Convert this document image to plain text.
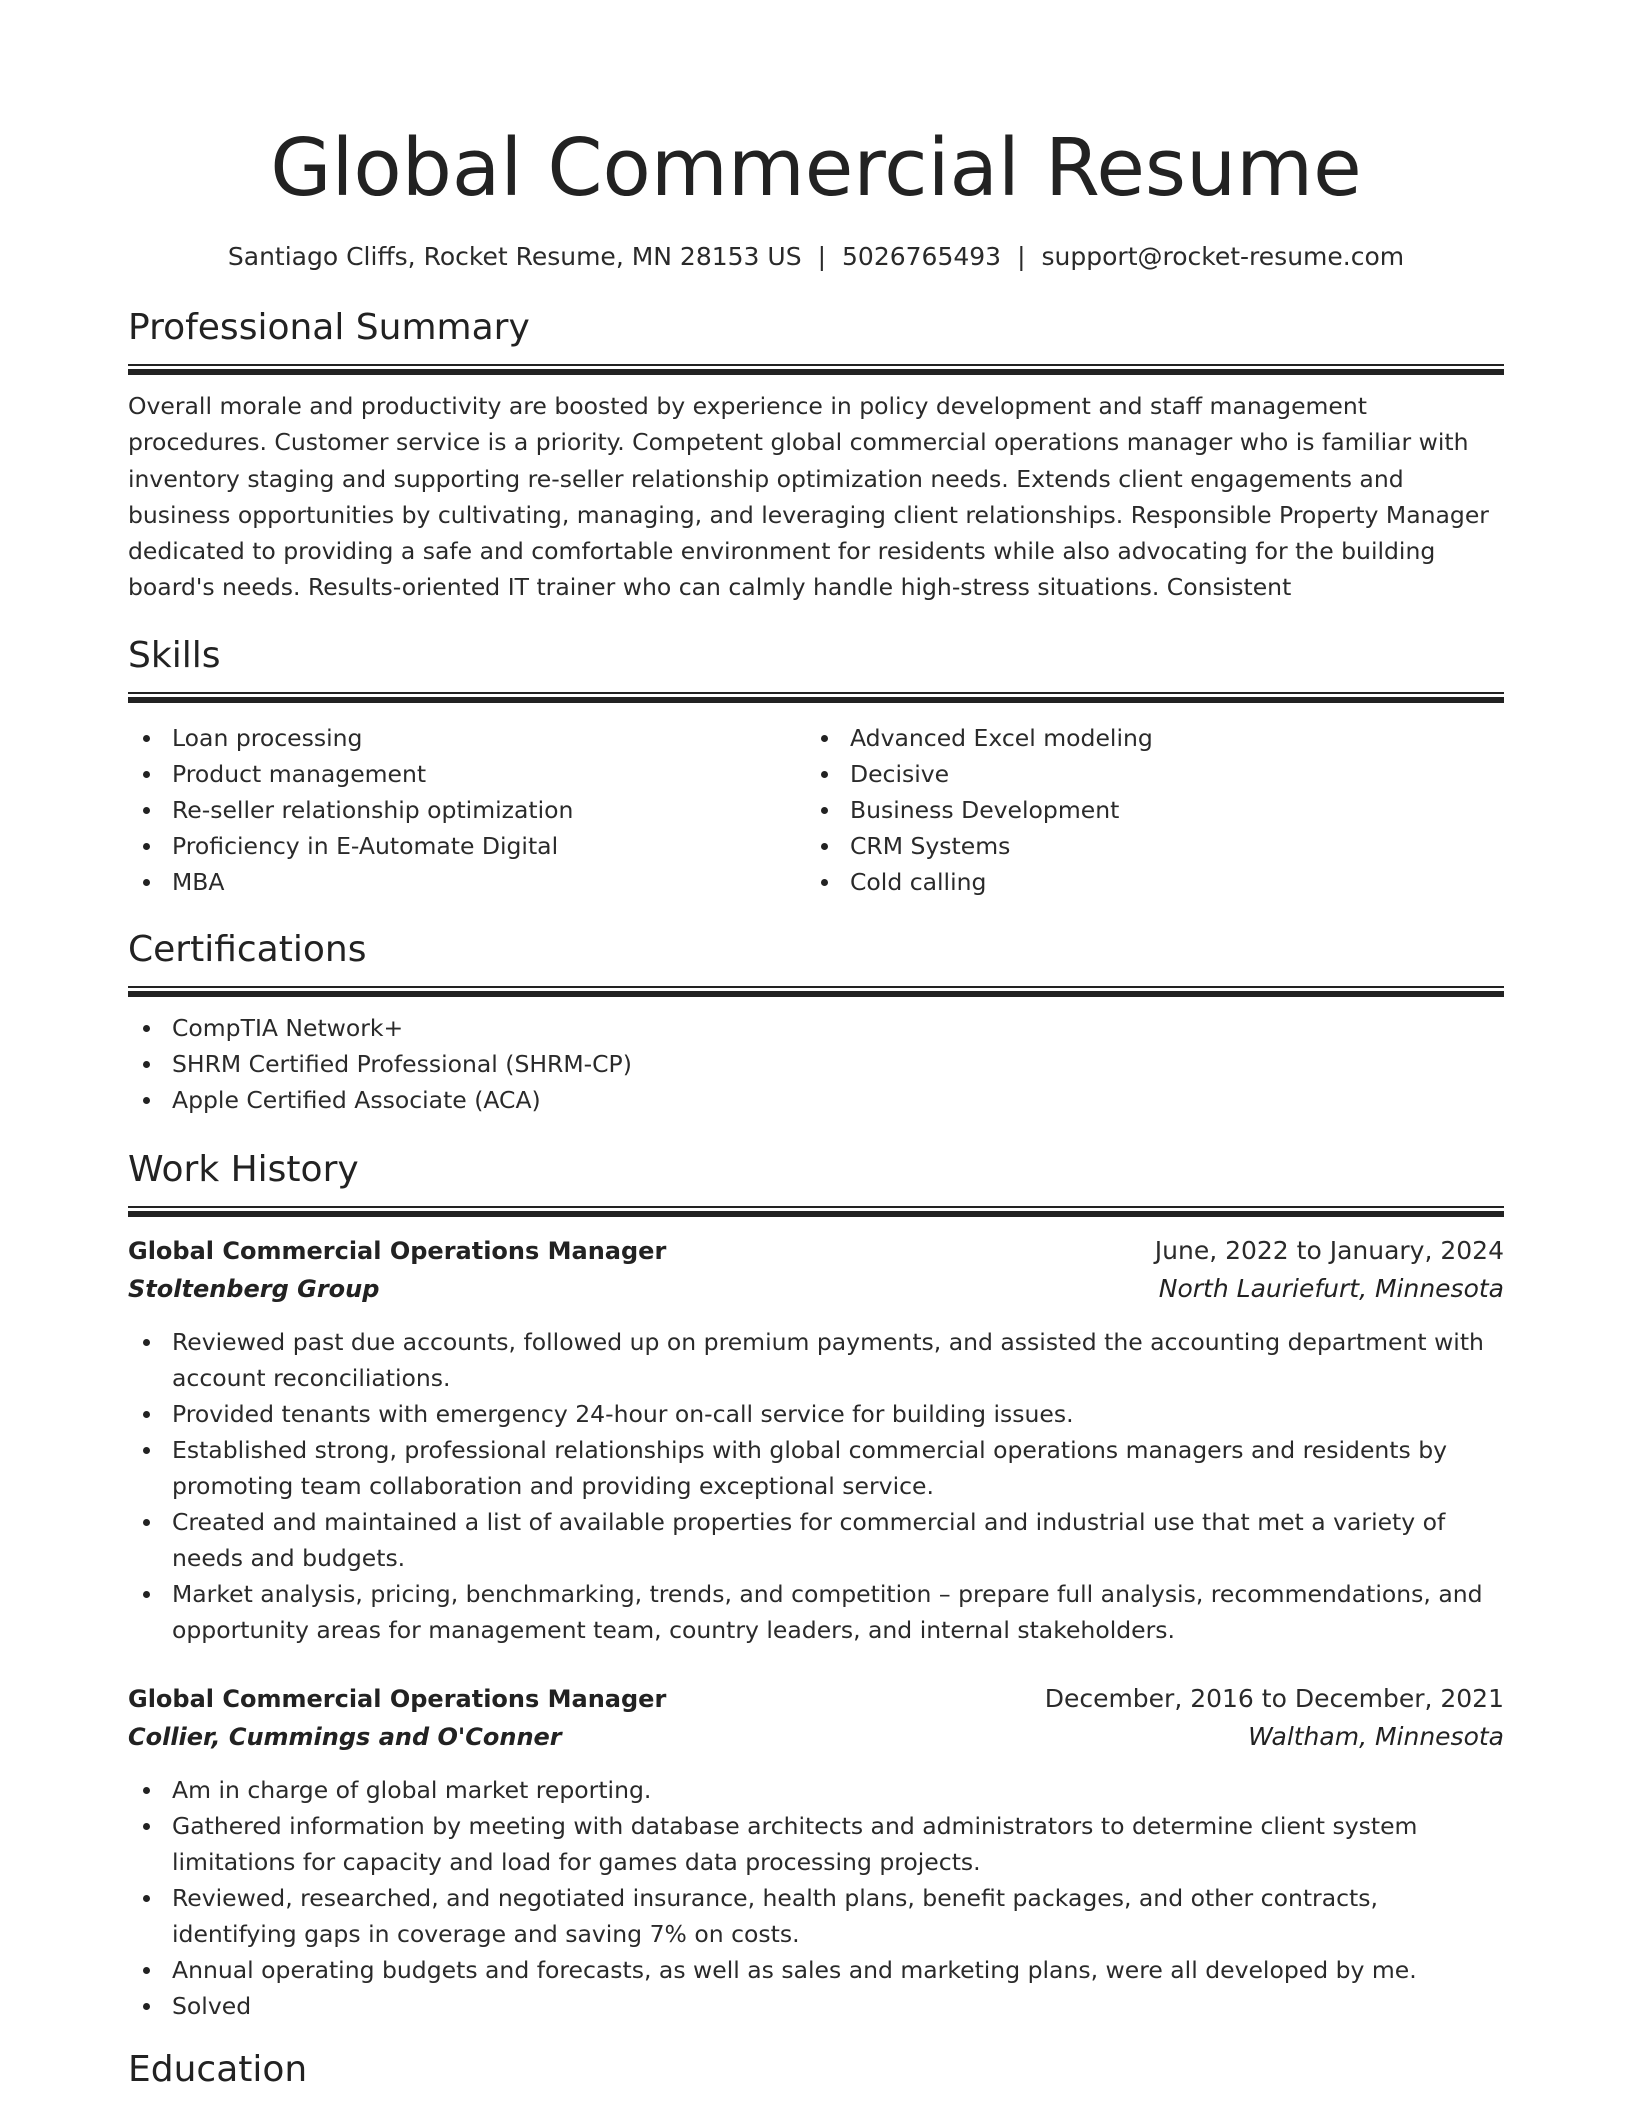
Global Commercial Resume
Santiago Cliffs, Rocket Resume, MN 28153 US | 5026765493 | support@rocket-resume.com
Professional Summary

Overall morale and productivity are boosted by experience in policy development and staff management procedures. Customer service is a priority. Competent global commercial operations manager who is familiar with inventory staging and supporting re-seller relationship optimization needs. Extends client engagements and business opportunities by cultivating, managing, and leveraging client relationships. Responsible Property Manager dedicated to providing a safe and comfortable environment for residents while also advocating for the building board's needs. Results-oriented IT trainer who can calmly handle high-stress situations. Consistent

Skills
Loan processing
Product management
Re-seller relationship optimization
Proficiency in E-Automate Digital
MBA
Advanced Excel modeling
Decisive
Business Development
CRM Systems
Cold calling
Certifications
CompTIA Network+
SHRM Certified Professional (SHRM-CP)
Apple Certified Associate (ACA)
Work History
Global Commercial Operations Manager	June, 2022 to January, 2024
Stoltenberg Group	North Lauriefurt, Minnesota
Reviewed past due accounts, followed up on premium payments, and assisted the accounting department with account reconciliations.
Provided tenants with emergency 24-hour on-call service for building issues.
Established strong, professional relationships with global commercial operations managers and residents by promoting team collaboration and providing exceptional service.
Created and maintained a list of available properties for commercial and industrial use that met a variety of needs and budgets.
Market analysis, pricing, benchmarking, trends, and competition – prepare full analysis, recommendations, and opportunity areas for management team, country leaders, and internal stakeholders.
Global Commercial Operations Manager	December, 2016 to December, 2021
Collier, Cummings and O'Conner	Waltham, Minnesota
Am in charge of global market reporting.
Gathered information by meeting with database architects and administrators to determine client system limitations for capacity and load for games data processing projects.
Reviewed, researched, and negotiated insurance, health plans, benefit packages, and other contracts, identifying gaps in coverage and saving 7% on costs.
Annual operating budgets and forecasts, as well as sales and marketing plans, were all developed by me.
Solved
Education
